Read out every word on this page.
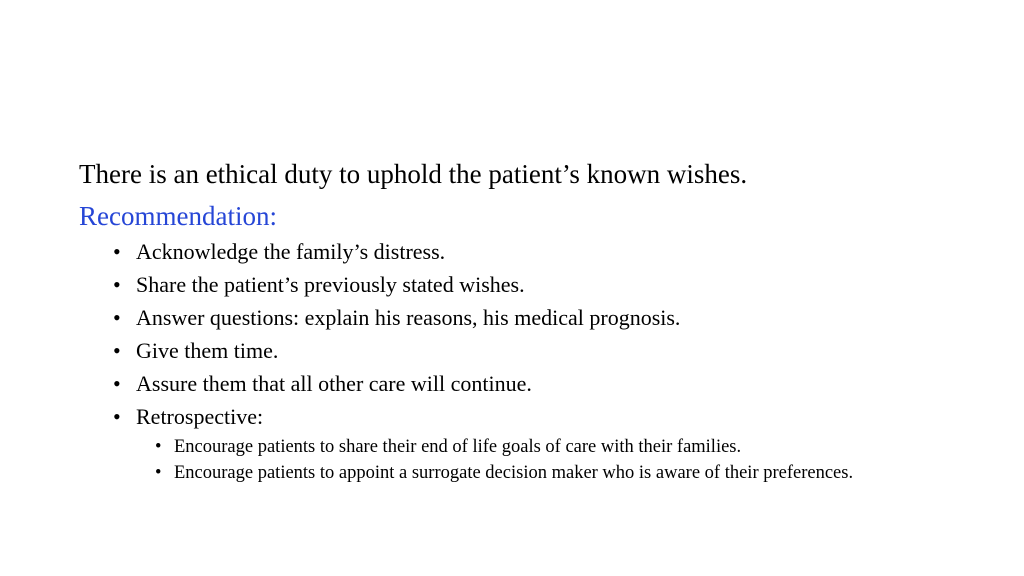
There is an ethical duty to uphold the patient’s known wishes.

Recommendation:

• Acknowledge the family’s distress.
• Share the patient’s previously stated wishes.
• Answer questions: explain his reasons, his medical prognosis.
• Give them time.
• Assure them that all other care will continue.
• Retrospective:
• Encourage patients to share their end of life goals of care with their families.
• Encourage patients to appoint a surrogate decision maker who is aware of their preferences.
